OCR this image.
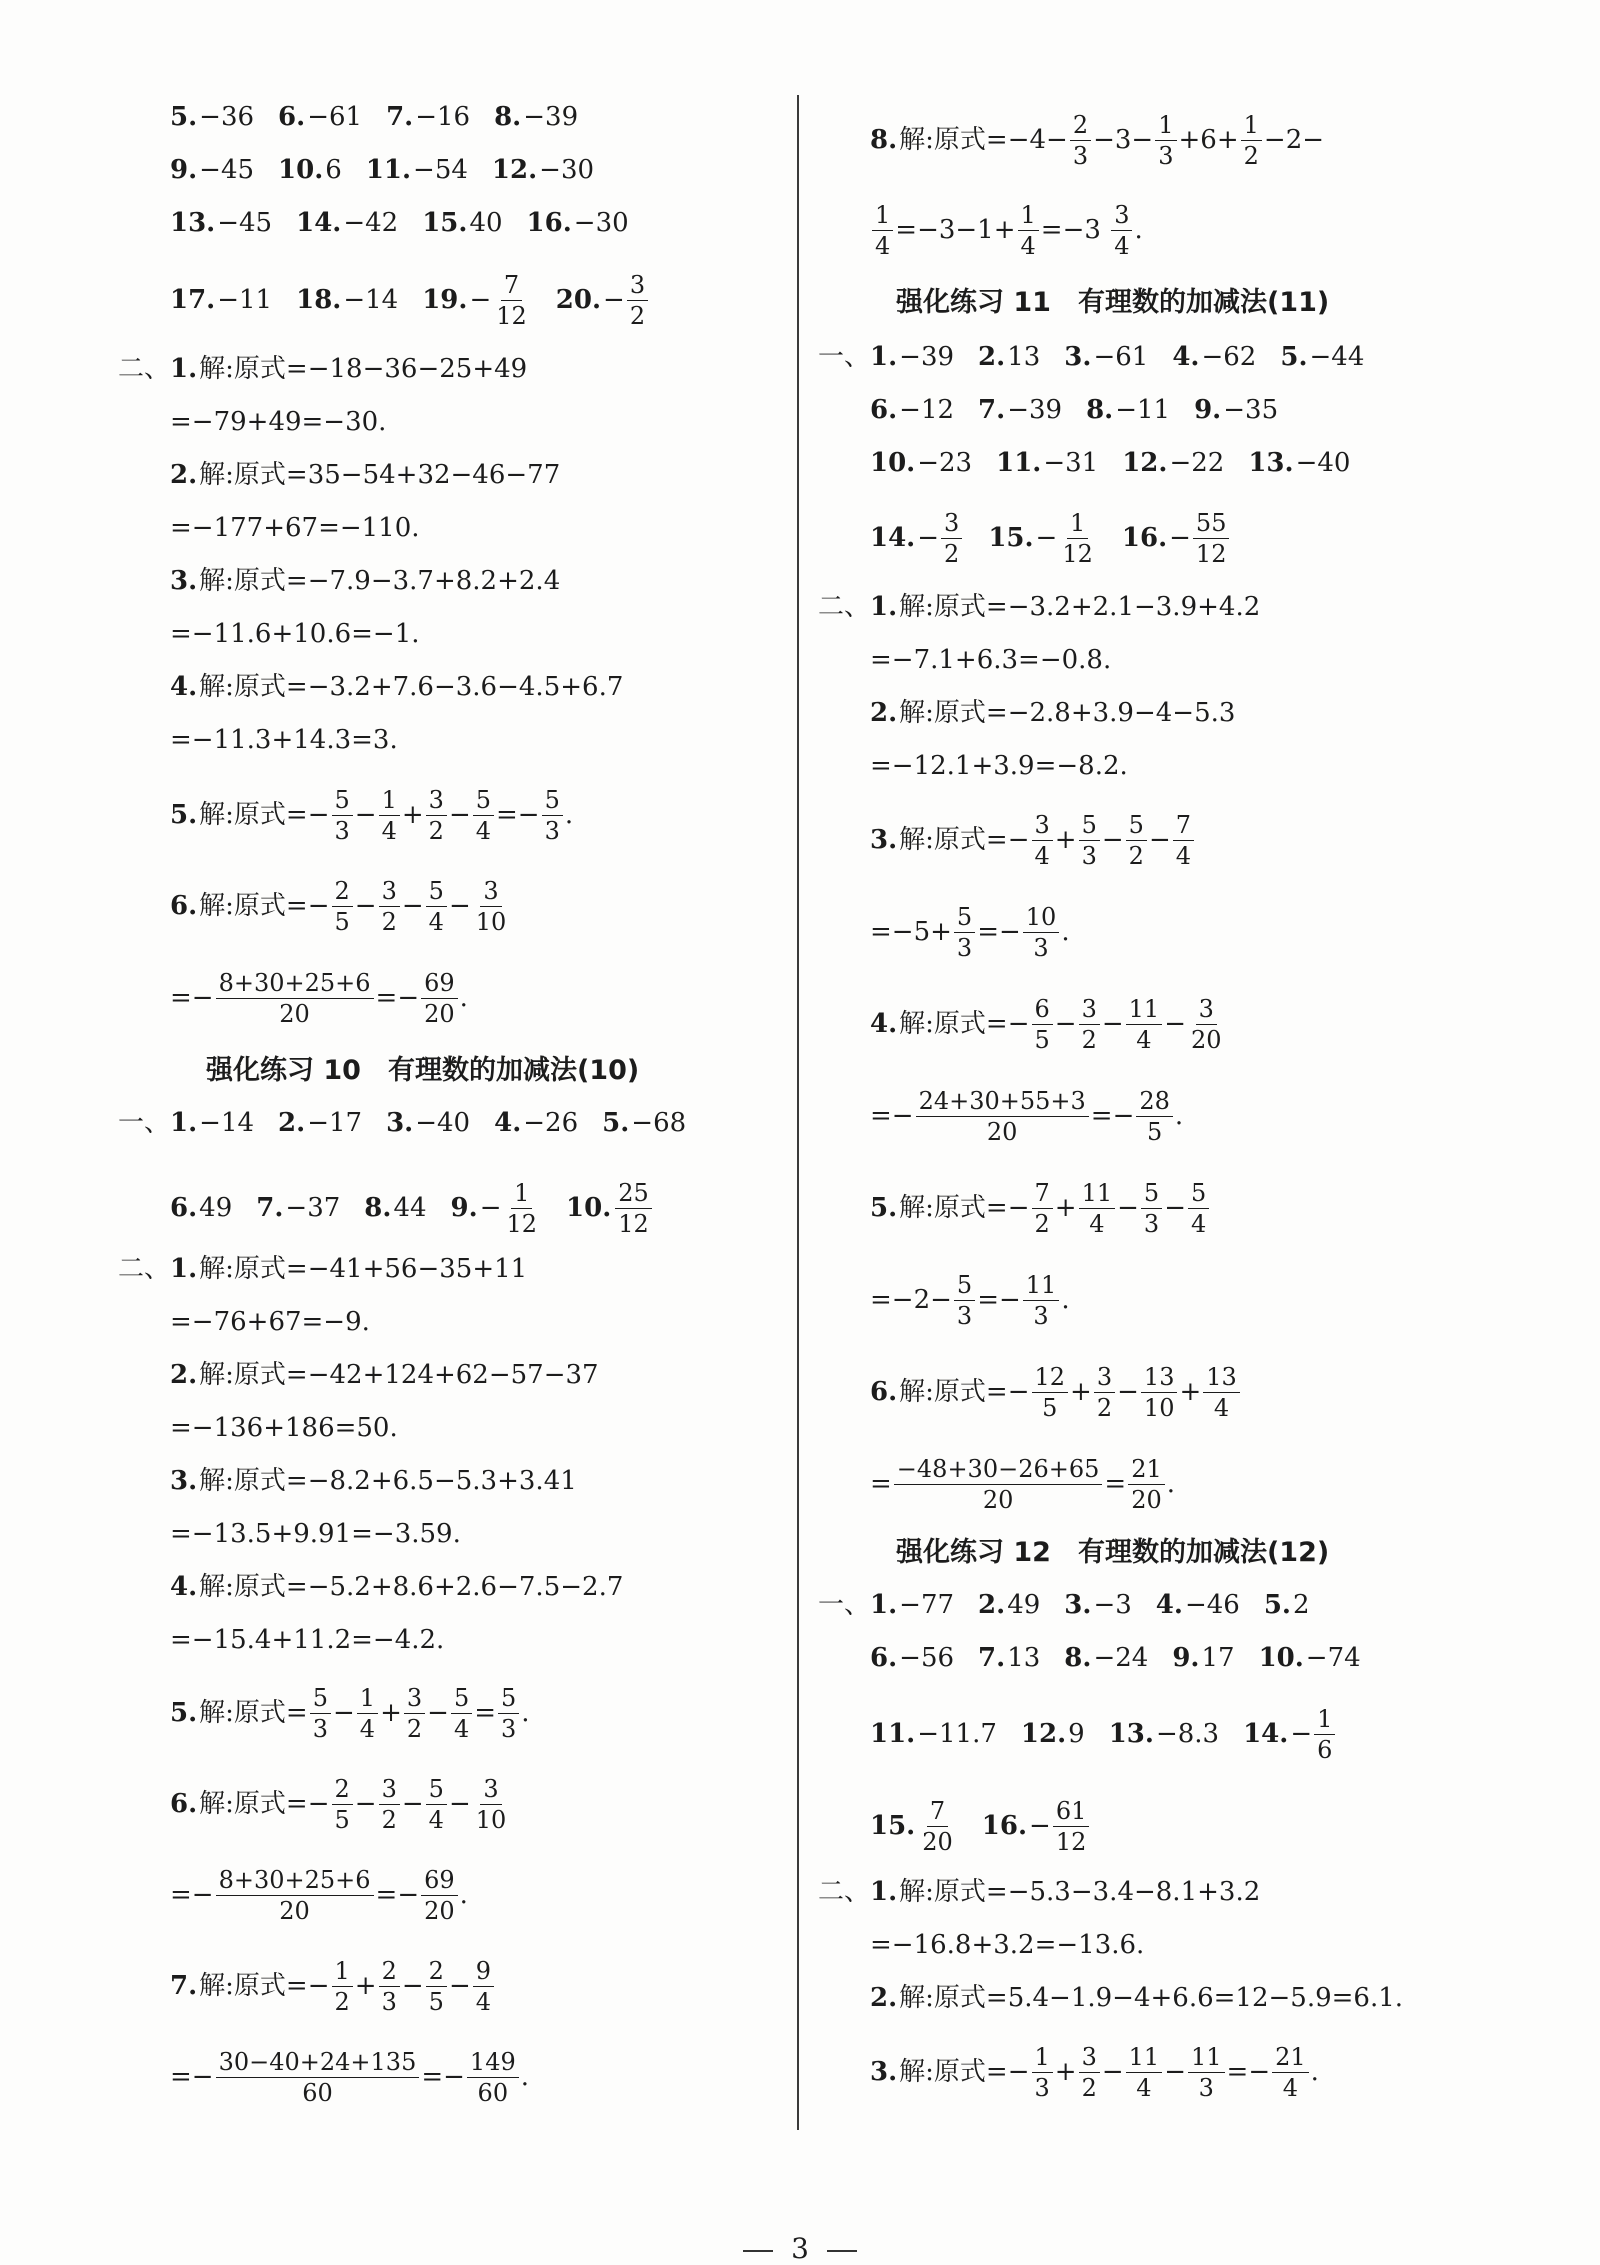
5. −36 6. −61 7. −16 8. −39
9. −45 10. 6 11. −54 12. −30
13. −45 14. −42 15. 40 16. −30
17. −11 18. −14 19. − $\frac{7}{12} 20$. − $\frac{3}{2}$
二、 1. 解:原式=−18−36−25+49
=−79+49=−30.
2. 解:原式=35−54+32−46−77
=−177+67=−110.
3. 解:原式=−7.9−3.7+8.2+2.4
=−11.6+10.6=−1.
4. 解:原式=−3.2+7.6−3.6−4.5+6.7
=−11.3+14.3=3.
5. 解:原式=− $\frac{5}{3} - \frac{1}{4} + \frac{3}{2} - \frac{5}{4} =- \frac{5}{3}$ .
6. 解:原式=− $\frac{2}{5} - \frac{3}{2} - \frac{5}{4} - \frac{3}{10}$
=− $\frac{8+30+25+6}{20} =- \frac{69}{20}$ .
强化练习 10　有理数的加减法(10)
一、 1. −14 2. −17 3. −40 4. −26 5. −68
6. 49 7. −37 8. 44 9. − $\frac{1}{12} 10$. $\frac{25}{12}$
二、 1. 解:原式=−41+56−35+11
=−76+67=−9.
2. 解:原式=−42+124+62−57−37
=−136+186=50.
3. 解:原式=−8.2+6.5−5.3+3.41
=−13.5+9.91=−3.59.
4. 解:原式=−5.2+8.6+2.6−7.5−2.7
=−15.4+11.2=−4.2.
5. 解:原式= $\frac{5}{3} - \frac{1}{4} + \frac{3}{2} - \frac{5}{4} = \frac{5}{3}$ .
6. 解:原式=− $\frac{2}{5} - \frac{3}{2} - \frac{5}{4} - \frac{3}{10}$
=− $\frac{8+30+25+6}{20} =- \frac{69}{20}$ .
7. 解:原式=− $\frac{1}{2} + \frac{2}{3} - \frac{2}{5} - \frac{9}{4}$
=− $\frac{30-40+24+135}{60} =- \frac{149}{60}$ .
8. 解:原式$=-4- \frac{2}{3} -3- \frac{1}{3} +6+ \frac{1}{2} -2-$
$\frac{1}{4} =-3-1+ \frac{1}{4} =-3$
$\frac{3}{4}$ .
强化练习 11　有理数的加减法(11)
一、 1. −39 2. 13 3. −61 4. −62 5. −44
6. −12 7. −39 8. −11 9. −35
10. −23 11. −31 12. −22 13. −40
14. − $\frac{3}{2} 15$. − $\frac{1}{12} 16$. − $\frac{55}{12}$
二、 1. 解:原式=−3.2+2.1−3.9+4.2
=−7.1+6.3=−0.8.
2. 解:原式=−2.8+3.9−4−5.3
=−12.1+3.9=−8.2.
3. 解:原式=− $\frac{3}{4} + \frac{5}{3} - \frac{5}{2} - \frac{7}{4}$
$=-5+ \frac{5}{3} =- \frac{10}{3}$ .
4. 解:原式=− $\frac{6}{5} - \frac{3}{2} - \frac{11}{4} - \frac{3}{20}$
=− $\frac{24+30+55+3}{20} =- \frac{28}{5}$ .
5. 解:原式=− $\frac{7}{2} + \frac{11}{4} - \frac{5}{3} - \frac{5}{4}$
$=-2- \frac{5}{3} =- \frac{11}{3}$ .
6. 解:原式=− $\frac{12}{5} + \frac{3}{2} - \frac{13}{10} + \frac{13}{4}$
= $\frac{-48+30-26+65}{20} = \frac{21}{20}$ .
强化练习 12　有理数的加减法(12)
一、 1. −77 2. 49 3. −3 4. −46 5. 2
6. −56 7. 13 8. −24 9. 17 10. −74
11. −11.7 12. 9 13. −8.3 14. − $\frac{1}{6}$
15. $\frac{7}{20} 16$. − $\frac{61}{12}$
二、 1. 解:原式=−5.3−3.4−8.1+3.2
=−16.8+3.2=−13.6.
2. 解:原式=5.4−1.9−4+6.6=12−5.9=6.1.
3. 解:原式=− $\frac{1}{3} + \frac{3}{2} - \frac{11}{4} - \frac{11}{3} =- \frac{21}{4}$ .
3
